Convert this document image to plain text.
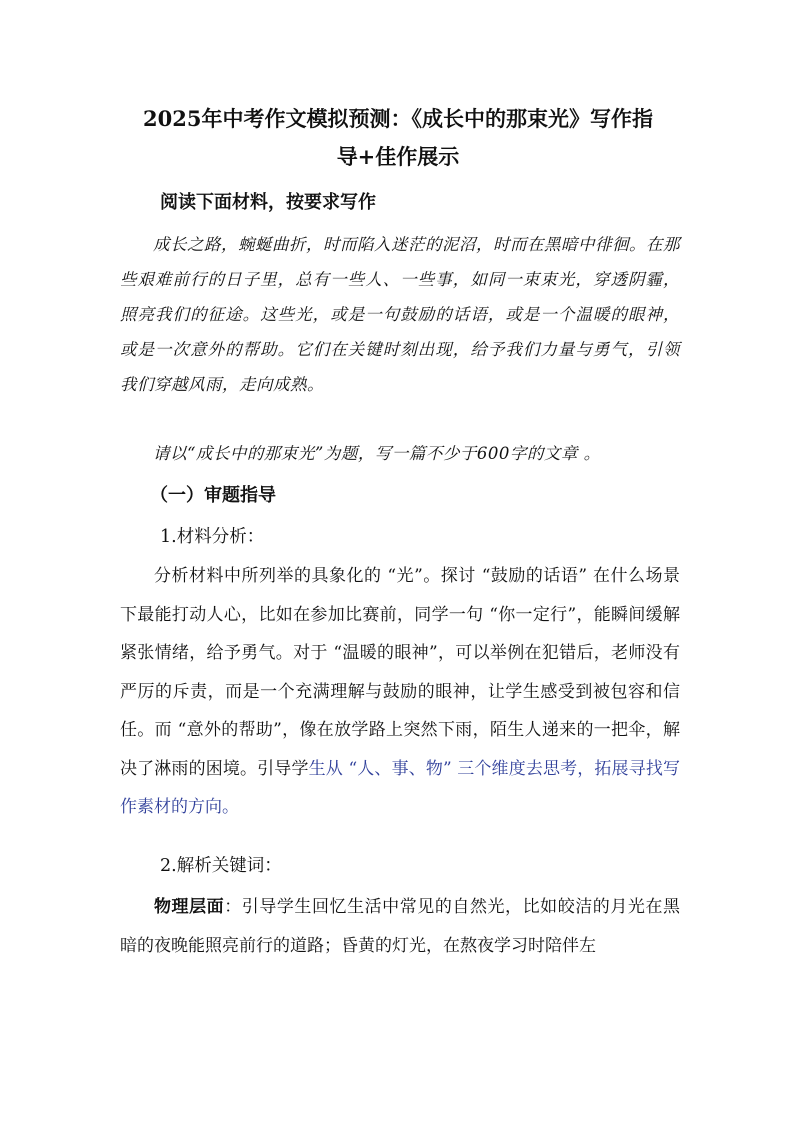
2025年中考作文模拟预测：《成长中的那束光》写作指
导+佳作展示
阅读下面材料，按要求写作
成长之路，蜿蜒曲折，时而陷入迷茫的泥沼，时而在黑暗中徘徊。在那些艰难前行的日子里，总有一些人、一些事，如同一束束光，穿透阴霾，照亮我们的征途。这些光，或是一句鼓励的话语，或是一个温暖的眼神，或是一次意外的帮助。它们在关键时刻出现，给予我们力量与勇气，引领我们穿越风雨，走向成熟。
请以“成长中的那束光”为题，写一篇不少于600字的文章 。
（一）审题指导
1.材料分析：
分析材料中所列举的具象化的 “光”。探讨 “鼓励的话语” 在什么场景下最能打动人心，比如在参加比赛前，同学一句 “你一定行”，能瞬间缓解紧张情绪，给予勇气。对于 “温暖的眼神”，可以举例在犯错后，老师没有严厉的斥责，而是一个充满理解与鼓励的眼神，让学生感受到被包容和信任。而 “意外的帮助”，像在放学路上突然下雨，陌生人递来的一把伞，解决了淋雨的困境。引导学生从 “人、事、物” 三个维度去思考，拓展寻找写作素材的方向。
2.解析关键词：
物理层面：引导学生回忆生活中常见的自然光，比如皎洁的月光在黑暗的夜晚能照亮前行的道路；昏黄的灯光，在熬夜学习时陪伴左
